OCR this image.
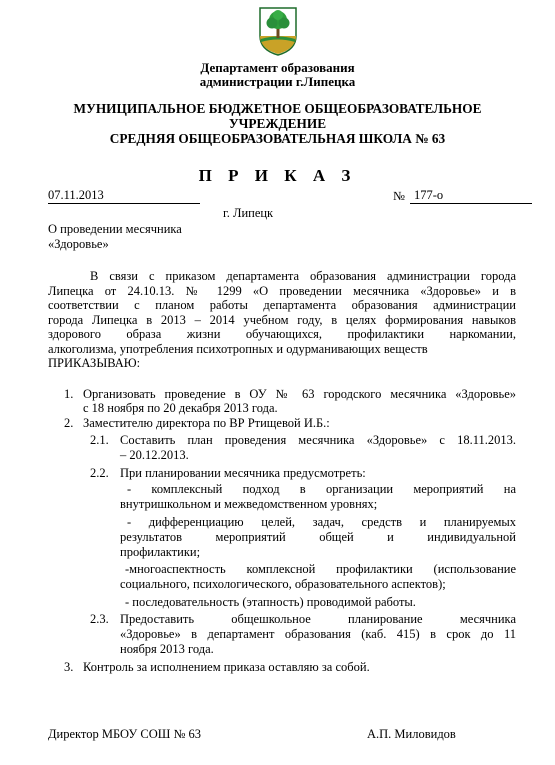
Департамент образования
администрации г.Липецка
МУНИЦИПАЛЬНОЕ БЮДЖЕТНОЕ ОБЩЕОБРАЗОВАТЕЛЬНОЕ
УЧРЕЖДЕНИЕ
СРЕДНЯЯ ОБЩЕОБРАЗОВАТЕЛЬНАЯ ШКОЛА № 63
П Р И К А З
07.11.2013	№ 177-о
г. Липецк
О проведении месячника
«Здоровье»
В связи с приказом департамента образования администрации города
Липецка от 24.10.13. № 1299 «О проведении месячника «Здоровье» и в
соответствии с планом работы департамента образования администрации
города Липецка в 2013 – 2014 учебном году, в целях формирования навыков
здорового образа жизни обучающихся, профилактики наркомании,
алкоголизма, употребления психотропных и одурманивающих веществ
ПРИКАЗЫВАЮ:
1. Организовать проведение в ОУ № 63 городского месячника «Здоровье»
с 18 ноября по 20 декабря 2013 года.
2. Заместителю директора по ВР Ртищевой И.Б.:
2.1. Составить план проведения месячника «Здоровье» с 18.11.2013.
– 20.12.2013.
2.2. При планировании месячника предусмотреть:
- комплексный подход в организации мероприятий на
внутришкольном и межведомственном уровнях;
- дифференциацию целей, задач, средств и планируемых
результатов мероприятий общей и индивидуальной
профилактики;
-многоаспектность комплексной профилактики (использование
социального, психологического, образовательного аспектов);
- последовательность (этапность) проводимой работы.
2.3. Предоставить общешкольное планирование месячника
«Здоровье» в департамент образования (каб. 415) в срок до 11
ноября 2013 года.
3. Контроль за исполнением приказа оставляю за собой.
Директор МБОУ СОШ № 63	А.П. Миловидов
